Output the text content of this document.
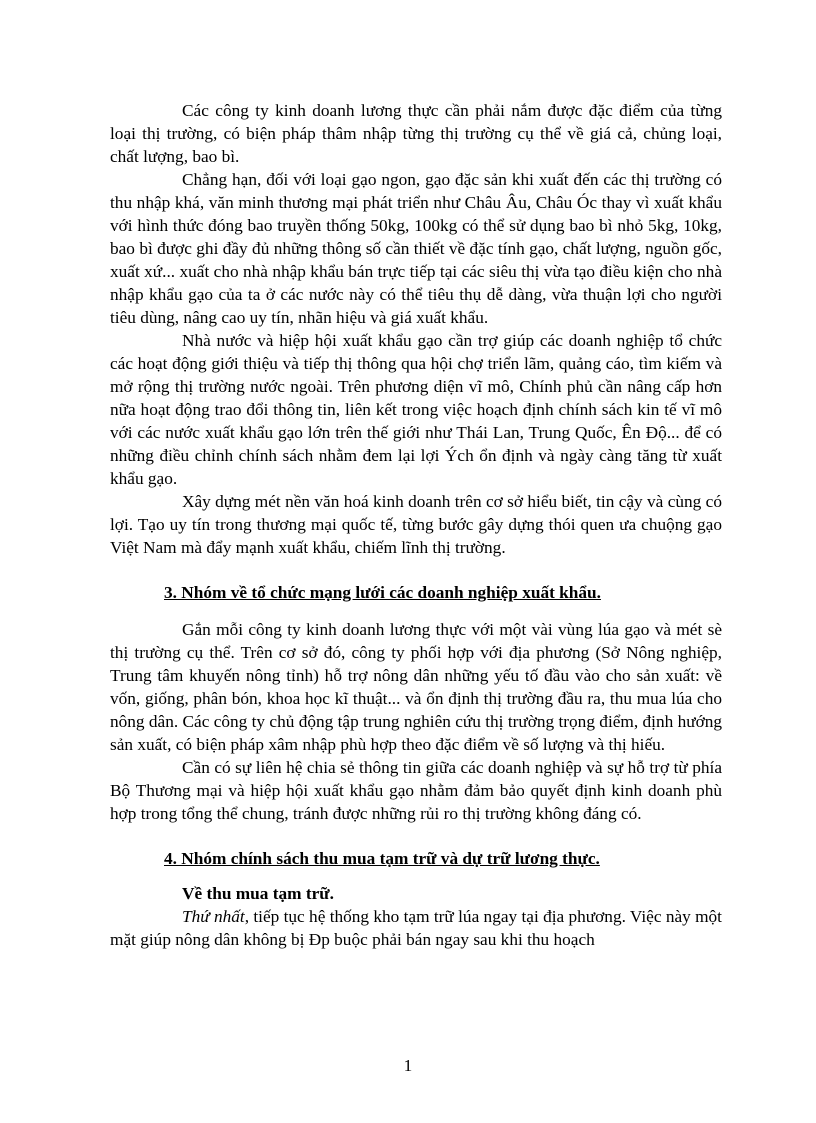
Các công ty kinh doanh lương thực cần phải nắm được đặc điểm của từng loại thị trường, có biện pháp thâm nhập từng thị trường cụ thể về giá cả, chủng loại, chất lượng, bao bì.

Chẳng hạn, đối với loại gạo ngon, gạo đặc sản khi xuất đến các thị trường có thu nhập khá, văn minh thương mại phát triển như Châu Âu, Châu Óc thay vì xuất khẩu với hình thức đóng bao truyền thống 50kg, 100kg có thể sử dụng bao bì nhỏ 5kg, 10kg, bao bì được ghi đầy đủ những thông số cần thiết về đặc tính gạo, chất lượng, nguồn gốc, xuất xứ... xuất cho nhà nhập khẩu bán trực tiếp tại các siêu thị vừa tạo điều kiện cho nhà nhập khẩu gạo của ta ở các nước này có thể tiêu thụ dễ dàng, vừa thuận lợi cho người tiêu dùng, nâng cao uy tín, nhãn hiệu và giá xuất khẩu.

Nhà nước và hiệp hội xuất khẩu gạo cần trợ giúp các doanh nghiệp tổ chức các hoạt động giới thiệu và tiếp thị thông qua hội chợ triển lãm, quảng cáo, tìm kiếm và mở rộng thị trường nước ngoài. Trên phương diện vĩ mô, Chính phủ cần nâng cấp hơn nữa hoạt động trao đổi thông tin, liên kết trong việc hoạch định chính sách kin tế vĩ mô với các nước xuất khẩu gạo lớn trên thế giới như Thái Lan, Trung Quốc, Ên Độ... để có những điều chỉnh chính sách nhằm đem lại lợi Ých ổn định và ngày càng tăng từ xuất khẩu gạo.

Xây dựng mét nền văn hoá kinh doanh trên cơ sở hiểu biết, tin cậy và cùng có lợi. Tạo uy tín trong thương mại quốc tế, từng bước gây dựng thói quen ưa chuộng gạo Việt Nam mà đẩy mạnh xuất khẩu, chiếm lĩnh thị trường.

3. Nhóm về tổ chức mạng lưới các doanh nghiệp xuất khẩu.

Gắn mỗi công ty kinh doanh lương thực với một vài vùng lúa gạo và mét sè thị trường cụ thể. Trên cơ sở đó, công ty phối hợp với địa phương (Sở Nông nghiệp, Trung tâm khuyến nông tỉnh) hỗ trợ nông dân những yếu tố đầu vào cho sản xuất: về vốn, giống, phân bón, khoa học kĩ thuật... và ổn định thị trường đầu ra, thu mua lúa cho nông dân. Các công ty chủ động tập trung nghiên cứu thị trường trọng điểm, định hướng sản xuất, có biện pháp xâm nhập phù hợp theo đặc điểm về số lượng và thị hiếu.

Cần có sự liên hệ chia sẻ thông tin giữa các doanh nghiệp và sự hỗ trợ từ phía Bộ Thương mại và hiệp hội xuất khẩu gạo nhằm đảm bảo quyết định kinh doanh phù hợp trong tổng thể chung, tránh được những rủi ro thị trường không đáng có.

4. Nhóm chính sách thu mua tạm trữ và dự trữ lương thực.

Về thu mua tạm trữ.

Thứ nhất, tiếp tục hệ thống kho tạm trữ lúa ngay tại địa phương. Việc này một mặt giúp nông dân không bị Ðp buộc phải bán ngay sau khi thu hoạch

1
